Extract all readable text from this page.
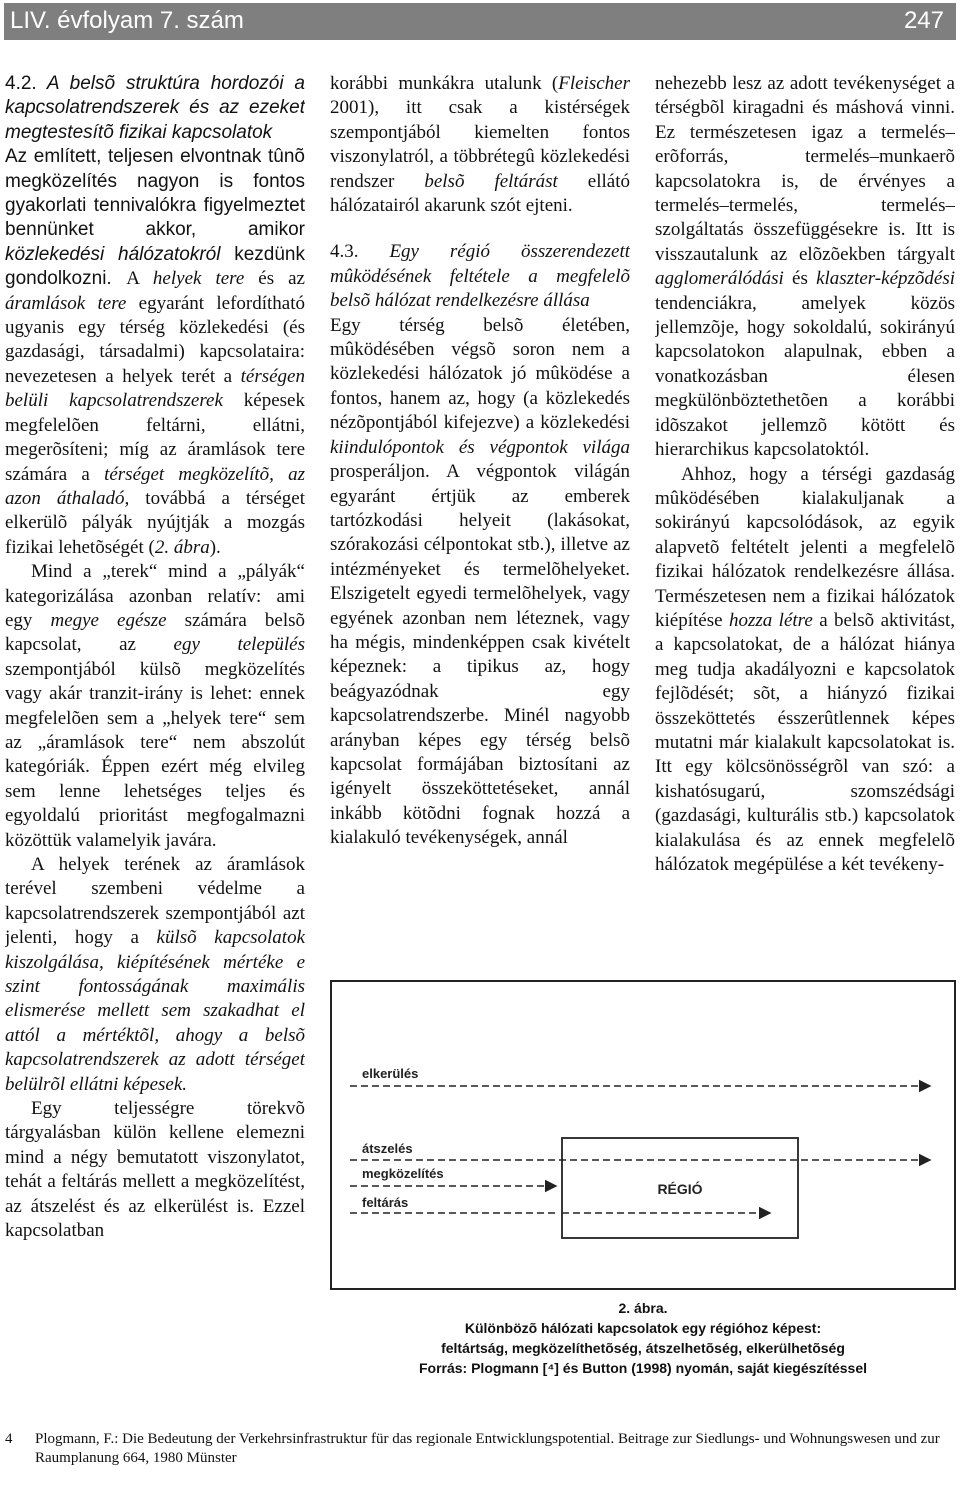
LIV. évfolyam 7. szám	247

4.2. A belsõ struktúra hordozói a kapcsolatrendszerek és az ezeket megtestesítõ fizikai kapcsolatok

Az említett, teljesen elvontnak tûnõ megközelítés nagyon is fontos gyakorlati tennivalókra figyelmeztet bennünket akkor, amikor közlekedési hálózatokról kezdünk gondolkozni. A helyek tere és az áramlások tere egyaránt lefordítható ugyanis egy térség közlekedési (és gazdasági, társadalmi) kapcsolataira: nevezetesen a helyek terét a térségen belüli kapcsolatrendszerek képesek megfelelõen feltárni, ellátni, megerõsíteni; míg az áramlások tere számára a térséget megközelítõ, az azon áthaladó, továbbá a térséget elkerülõ pályák nyújtják a mozgás fizikai lehetõségét (2. ábra).

Mind a „terek“ mind a „pályák“ kategorizálása azonban relatív: ami egy megye egésze számára belsõ kapcsolat, az egy település szempontjából külsõ megközelítés vagy akár tranzit-irány is lehet: ennek megfelelõen sem a „helyek tere“ sem az „áramlások tere“ nem abszolút kategóriák. Éppen ezért még elvileg sem lenne lehetséges teljes és egyoldalú prioritást megfogalmazni közöttük valamelyik javára.

A helyek terének az áramlások terével szembeni védelme a kapcsolatrendszerek szempontjából azt jelenti, hogy a külsõ kapcsolatok kiszolgálása, kiépítésének mértéke e szint fontosságának maximális elismerése mellett sem szakadhat el attól a mértéktõl, ahogy a belsõ kapcsolatrendszerek az adott térséget belülrõl ellátni képesek.

Egy teljességre törekvõ tárgyalásban külön kellene elemezni mind a négy bemutatott viszonylatot, tehát a feltárás mellett a megközelítést, az átszelést és az elkerülést is. Ezzel kapcsolatban

korábbi munkákra utalunk (Fleischer 2001), itt csak a kistérségek szempontjából kiemelten fontos viszonylatról, a többrétegû közlekedési rendszer belsõ feltárást ellátó hálózatairól akarunk szót ejteni.

4.3. Egy régió összerendezett mûködésének feltétele a megfelelõ belsõ hálózat rendelkezésre állása

Egy térség belsõ életében, mûködésében végsõ soron nem a közlekedési hálózatok jó mûködése a fontos, hanem az, hogy (a közlekedés nézõpontjából kifejezve) a közlekedési kiindulópontok és végpontok világa prosperáljon. A végpontok világán egyaránt értjük az emberek tartózkodási helyeit (lakásokat, szórakozási célpontokat stb.), illetve az intézményeket és termelõhelyeket. Elszigetelt egyedi termelõhelyek, vagy egyének azonban nem léteznek, vagy ha mégis, mindenképpen csak kivételt képeznek: a tipikus az, hogy beágyazódnak egy kapcsolatrendszerbe. Minél nagyobb arányban képes egy térség belsõ kapcsolat formájában biztosítani az igényelt összeköttetéseket, annál inkább kötõdni fognak hozzá a kialakuló tevékenységek, annál

nehezebb lesz az adott tevékenységet a térségbõl kiragadni és máshová vinni. Ez természetesen igaz a termelés–erõforrás, termelés–munkaerõ kapcsolatokra is, de érvényes a termelés–termelés, termelés–szolgáltatás összefüggésekre is. Itt is visszautalunk az elõzõekben tárgyalt agglomerálódási és klaszter-képzõdési tendenciákra, amelyek közös jellemzõje, hogy sokoldalú, sokirányú kapcsolatokon alapulnak, ebben a vonatkozásban élesen megkülönböztethetõen a korábbi idõszakot jellemzõ kötött és hierarchikus kapcsolatoktól.

Ahhoz, hogy a térségi gazdaság mûködésében kialakuljanak a sokirányú kapcsolódások, az egyik alapvetõ feltételt jelenti a megfelelõ fizikai hálózatok rendelkezésre állása. Természetesen nem a fizikai hálózatok kiépítése hozza létre a belsõ aktivitást, a kapcsolatokat, de a hálózat hiánya meg tudja akadályozni e kapcsolatok fejlõdését; sõt, a hiányzó fizikai összeköttetés ésszerûtlennek képes mutatni már kialakult kapcsolatokat is. Itt egy kölcsönösségrõl van szó: a kishatósugarú, szomszédsági (gazdasági, kulturális stb.) kapcsolatok kialakulása és az ennek megfelelõ hálózatok megépülése a két tevékeny-

elkerülés
átszelés
RÉGIÓ
megközelítés
feltárás
2. ábra.
Különbözõ hálózati kapcsolatok egy régióhoz képest:
feltártság, megközelíthetõség, átszelhetõség, elkerülhetõség
Forrás: Plogmann [⁴] és Button (1998) nyomán, saját kiegészítéssel
4 Plogmann, F.: Die Bedeutung der Verkehrsinfrastruktur für das regionale Entwicklungspotential. Beitrage zur Siedlungs- und Wohnungswesen und zur Raumplanung 664, 1980 Münster
